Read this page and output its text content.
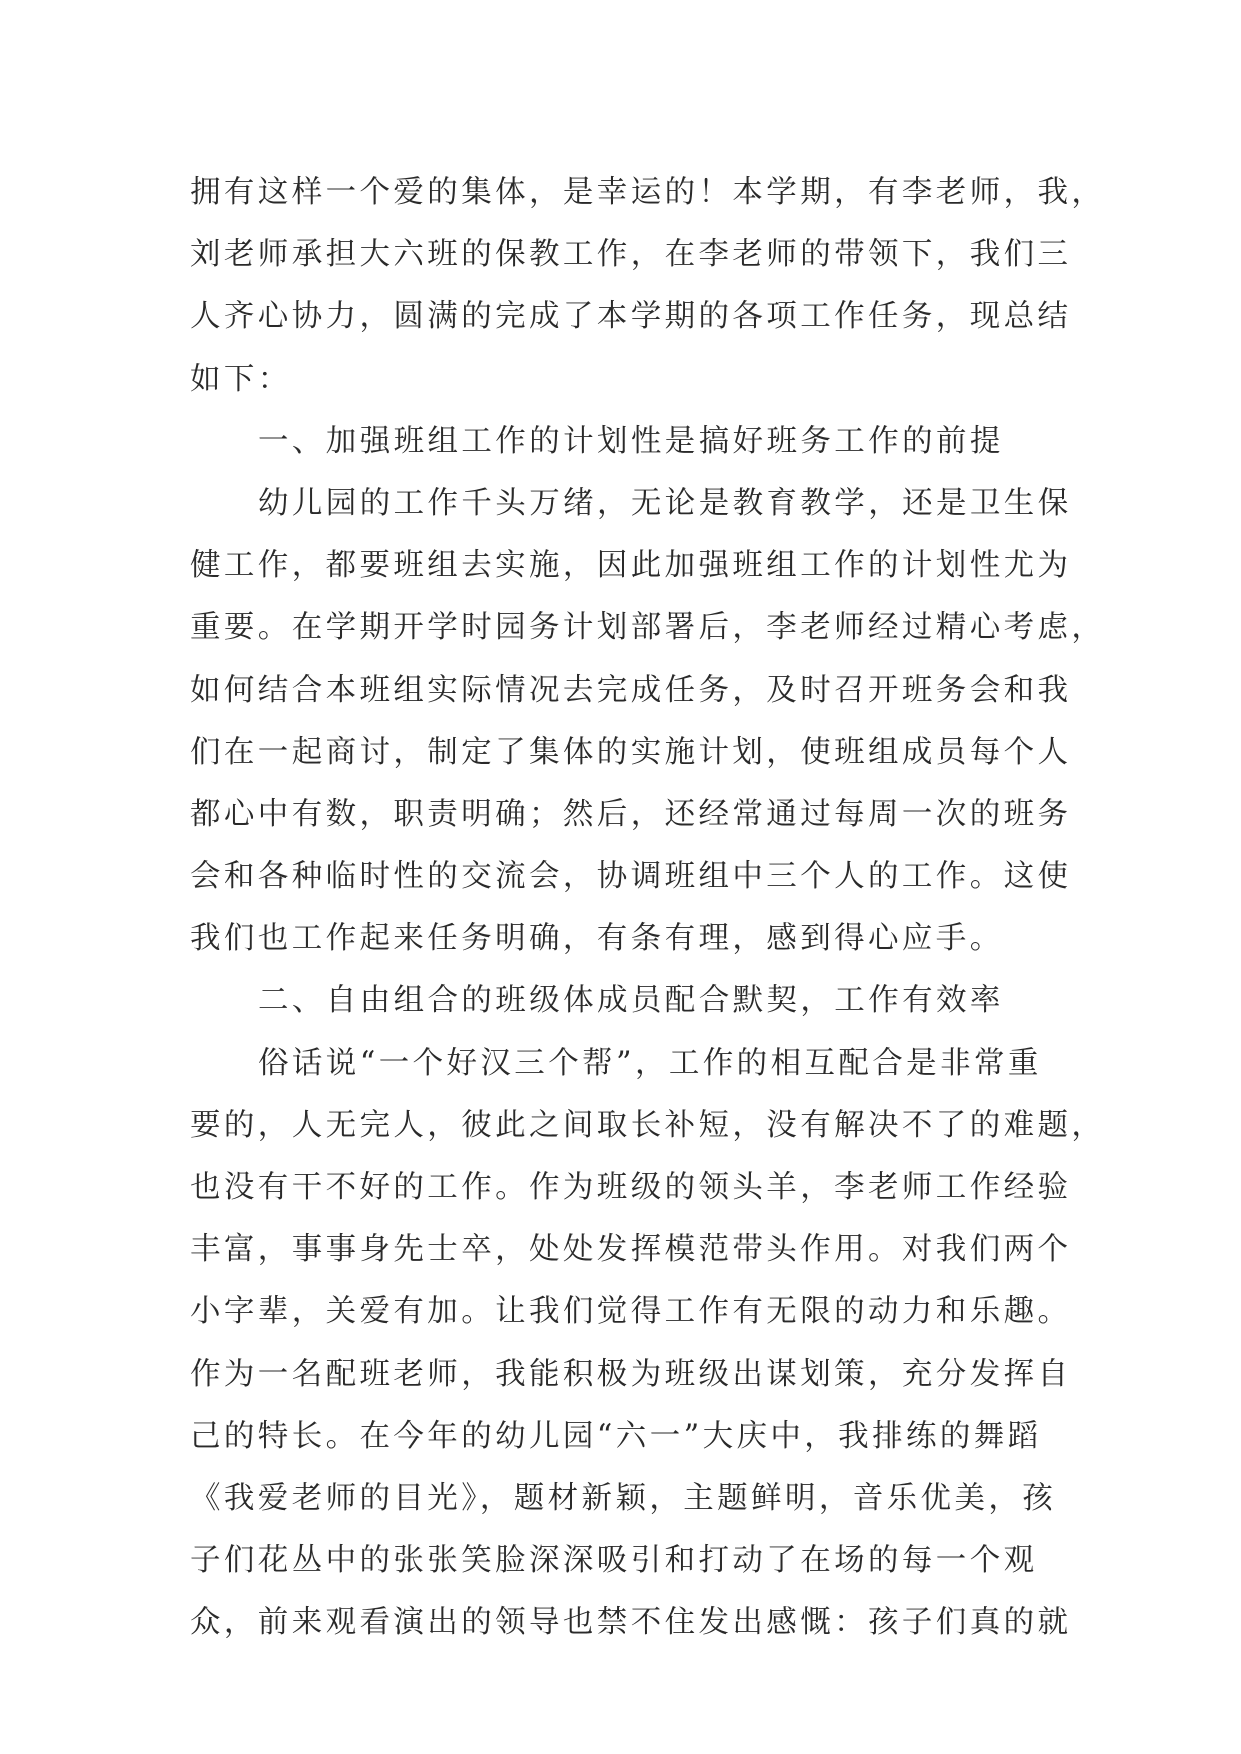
拥有这样一个爱的集体，是幸运的！本学期，有李老师，我，
刘老师承担大六班的保教工作，在李老师的带领下，我们三
人齐心协力，圆满的完成了本学期的各项工作任务，现总结
如下：
一、加强班组工作的计划性是搞好班务工作的前提
幼儿园的工作千头万绪，无论是教育教学，还是卫生保
健工作，都要班组去实施，因此加强班组工作的计划性尤为
重要。在学期开学时园务计划部署后，李老师经过精心考虑，
如何结合本班组实际情况去完成任务，及时召开班务会和我
们在一起商讨，制定了集体的实施计划，使班组成员每个人
都心中有数，职责明确；然后，还经常通过每周一次的班务
会和各种临时性的交流会，协调班组中三个人的工作。这使
我们也工作起来任务明确，有条有理，感到得心应手。
二、自由组合的班级体成员配合默契，工作有效率
俗话说“一个好汉三个帮”，工作的相互配合是非常重
要的，人无完人，彼此之间取长补短，没有解决不了的难题，
也没有干不好的工作。作为班级的领头羊，李老师工作经验
丰富，事事身先士卒，处处发挥模范带头作用。对我们两个
小字辈，关爱有加。让我们觉得工作有无限的动力和乐趣。
作为一名配班老师，我能积极为班级出谋划策，充分发挥自
己的特长。在今年的幼儿园“六一”大庆中，我排练的舞蹈
《我爱老师的目光》，题材新颖，主题鲜明，音乐优美，孩
子们花丛中的张张笑脸深深吸引和打动了在场的每一个观
众，前来观看演出的领导也禁不住发出感慨：孩子们真的就
